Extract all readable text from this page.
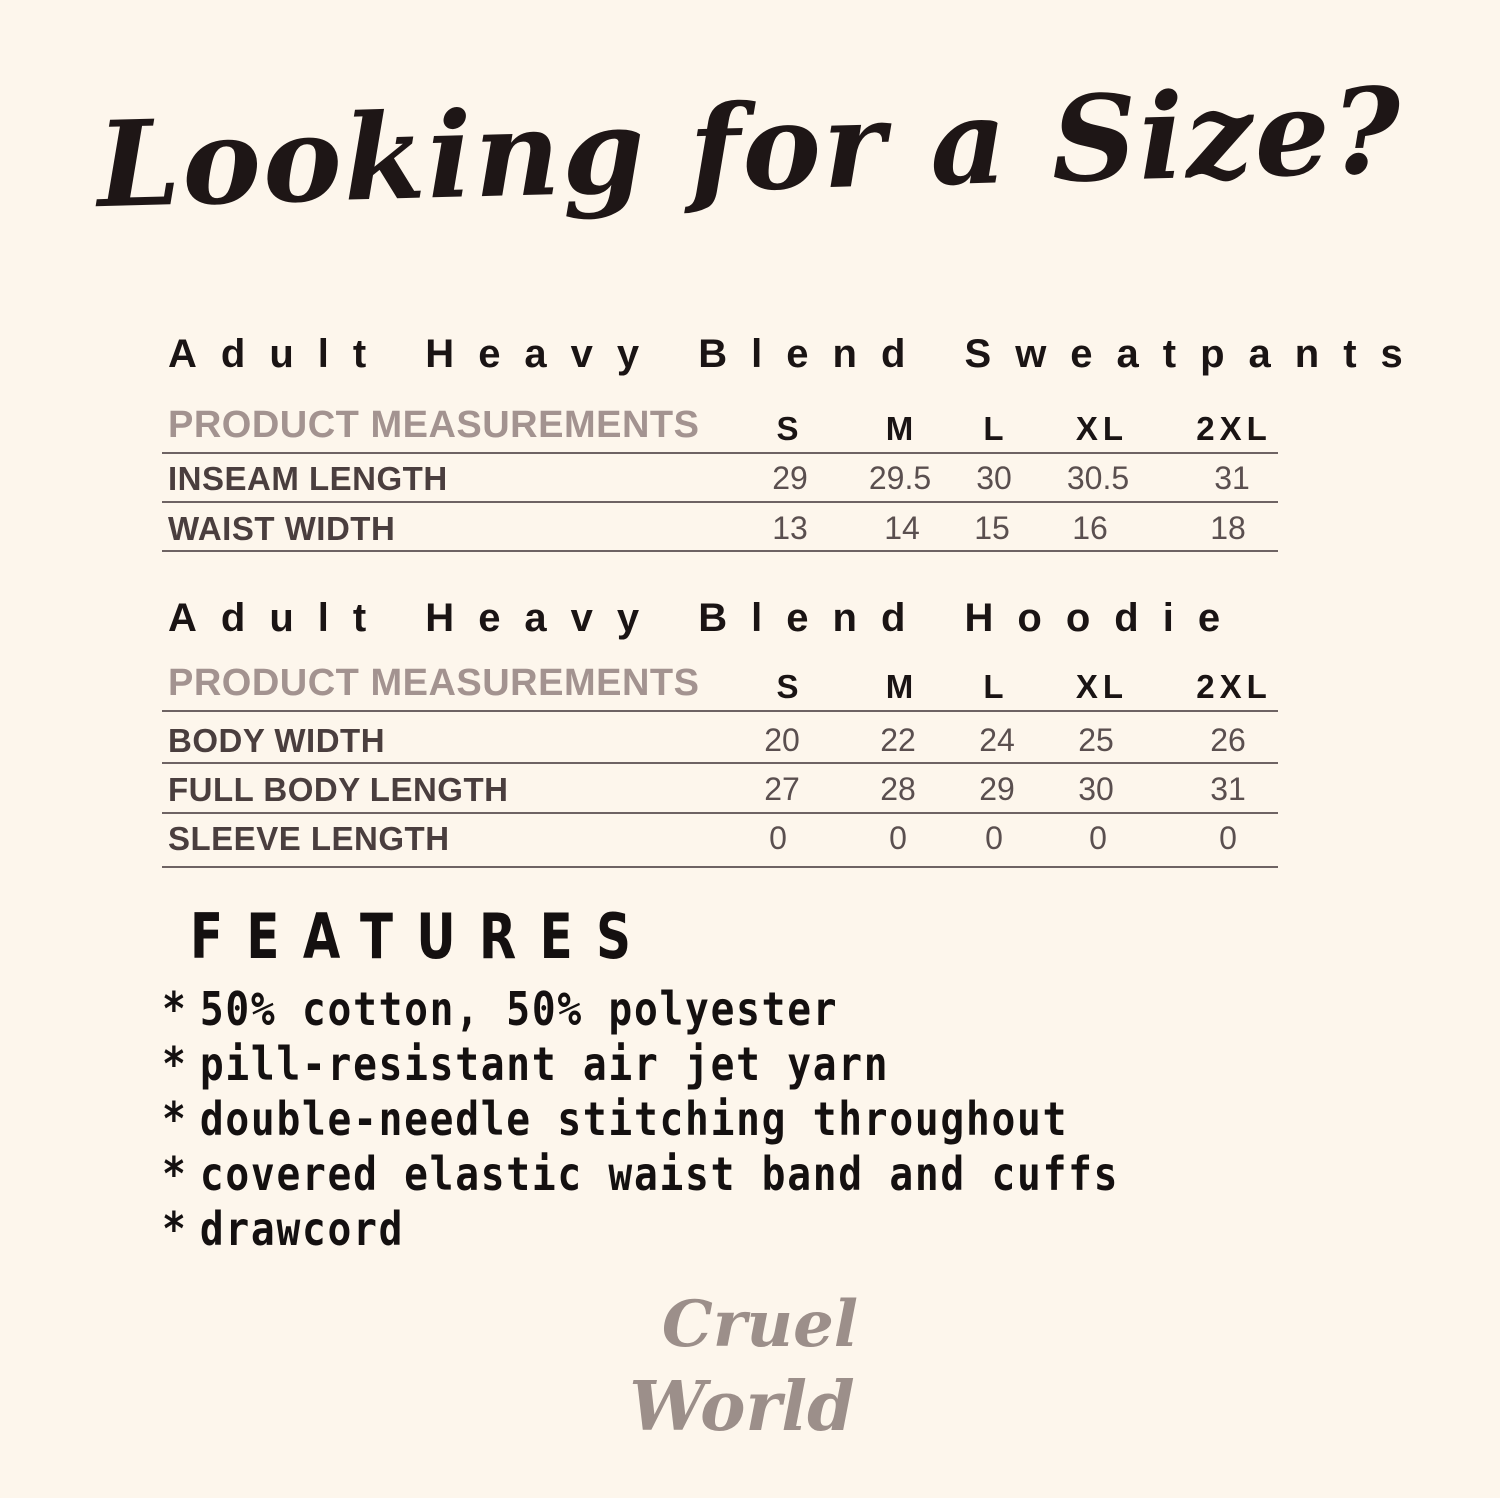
Looking for a Size?
Adult Heavy Blend Sweatpants
PRODUCT MEASUREMENTS S M L XL 2XL
INSEAM LENGTH	29 29.5 30 30.5	31
WAIST WIDTH	13 14 15 16	18
Adult Heavy Blend Hoodie
PRODUCT MEASUREMENTS S M L XL 2XL
BODY WIDTH	20	22 24 25	26
FULL BODY LENGTH	27	28 29 30	31
SLEEVE LENGTH	0	0 0	0	0
FEATURES
* 50% cotton, 50% polyester
* pill-resistant air jet yarn
* double-needle stitching throughout
* covered elastic waist band and cuffs
* drawcord
Cruel
World
